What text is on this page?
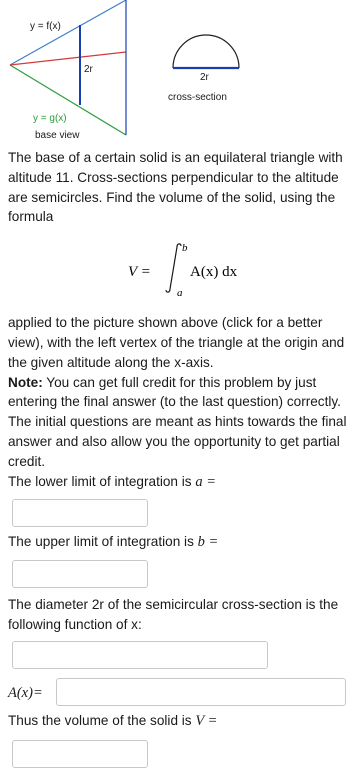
y = f(x)
2r
2r
cross-section
y = g(x)
base view

The base of a certain solid is an equilateral triangle with altitude 11. Cross-sections perpendicular to the altitude are semicircles. Find the volume of the solid, using the formula

V =
b
a
A(x) dx

applied to the picture shown above (click for a better view), with the left vertex of the triangle at the origin and the given altitude along the x-axis.

Note: You can get full credit for this problem by just entering the final answer (to the last question) correctly. The initial questions are meant as hints towards the final answer and also allow you the opportunity to get partial credit.

The lower limit of integration is a =

The upper limit of integration is b =

The diameter 2r of the semicircular cross-section is the following function of x:

A(x)=

Thus the volume of the solid is V =
